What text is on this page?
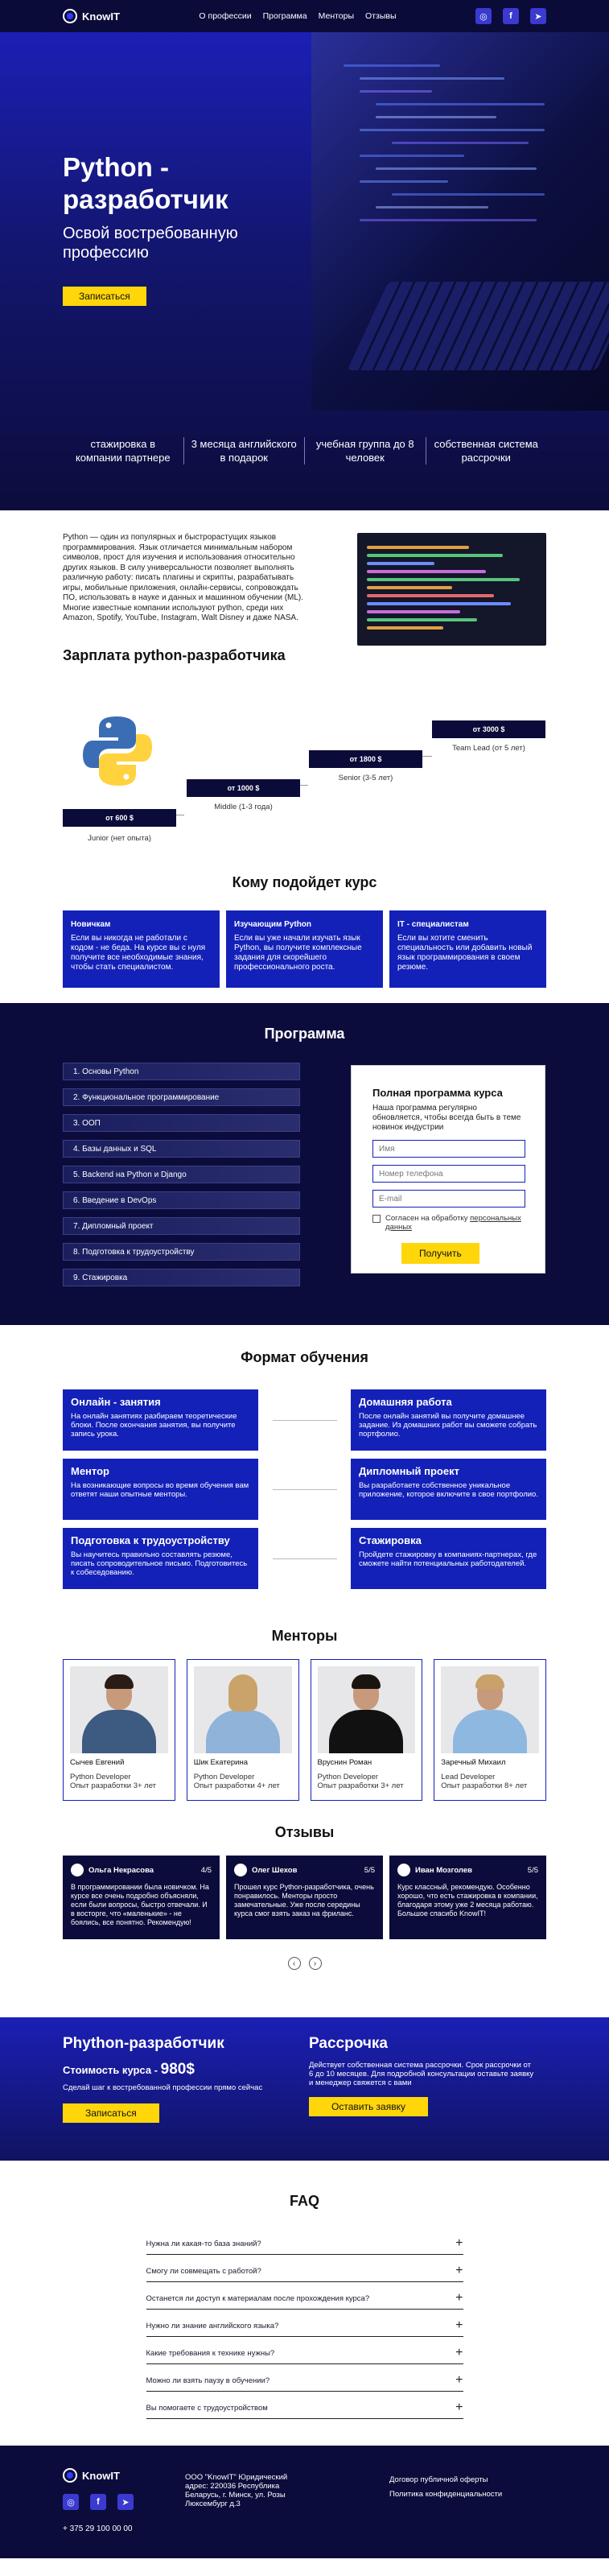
KnowIT	О профессии Программа Менторы Отзывы	◎	f	➤
Python - разработчик
Освой востребованную профессию
Записаться
стажировка в компании партнере
3 месяца английского в подарок
учебная группа до 8 человек
собственная система рассрочки

Python — один из популярных и быстрорастущих языков программирования. Язык отличается минимальным набором символов, прост для изучения и использования относительно других языков. В силу универсальности позволяет выполнять различную работу: писать плагины и скрипты, разрабатывать игры, мобильные приложения, онлайн-сервисы, сопровождать ПО, использовать в науке и данных и машинном обучении (ML). Многие известные компании используют python, среди них Amazon, Spotify, YouTube, Instagram, Walt Disney и даже NASA.

Зарплата python-разработчика
от 600 $
Junior (нет опыта)
от 1000 $
Middle (1-3 года)
от 1800 $
Senior (3-5 лет)
от 3000 $
Team Lead (от 5 лет)
Кому подойдет курс
Новичкам

Если вы никогда не работали с кодом - не беда. На курсе вы с нуля получите все необходимые знания, чтобы стать специалистом.

Изучающим Python

Если вы уже начали изучать язык Python, вы получите комплексные задания для скорейшего профессионального роста.

IT - специалистам

Если вы хотите сменить специальность или добавить новый язык программирования в своем резюме.

Программа
1. Основы Python
2. Функциональное программирование
3. ООП
4. Базы данных и SQL
5. Backend на Python и Django
6. Введение в DevOps
7. Дипломный проект
8. Подготовка к трудоустройству
9. Стажировка
Полная программа курса

Наша программа регулярно обновляется, чтобы всегда быть в теме новинок индустрии

Имя
Номер телефона
E-mail
Согласен на обработку персональных данных
Получить
Формат обучения
Онлайн - занятия

На онлайн занятиях разбираем теоретические блоки. После окончания занятия, вы получите запись урока.

Домашняя работа

После онлайн занятий вы получите домашнее задание. Из домашних работ вы сможете собрать портфолио.

Ментор

На возникающие вопросы во время обучения вам ответят наши опытные менторы.

Дипломный проект

Вы разработаете собственное уникальное приложение, которое включите в свое портфолио.

Подготовка к трудоустройству

Вы научитесь правильно составлять резюме, писать сопроводительное письмо. Подготовитесь к собеседованию.

Стажировка

Пройдете стажировку в компаниях-партнерах, где сможете найти потенциальных работодателей.

Менторы
Сычев Евгений
Python Developer
Опыт разработки 3+ лет
Шик Екатерина
Python Developer
Опыт разработки 4+ лет
Вруснин Роман
Python Developer
Опыт разработки 3+ лет
Заречный Михаил
Lead Developer
Опыт разработки 8+ лет
Отзывы
Ольга Некрасова	4/5

В программировании была новичком. На курсе все очень подробно объясняли, если были вопросы, быстро отвечали. И в восторге, что «маленькие» - не боялись, все понятно. Рекомендую!

Олег Шехов	5/5

Прошел курс Python-разработчика, очень понравилось. Менторы просто замечательные. Уже после середины курса смог взять заказ на фриланс.

Иван Мозголев	5/5

Курс классный, рекомендую. Особенно хорошо, что есть стажировка в компании, благодаря этому уже 2 месяца работаю. Большое спасибо KnowIT!

‹	›
Phython-разработчик
Стоимость курса - 980$
Сделай шаг к востребованной профессии прямо сейчас
Записаться
Рассрочка
Действует собственная система рассрочки. Срок рассрочки от 6 до 10 месяцев. Для подробной консультации оставьте заявку и менеджер свяжется с вами
Оставить заявку
FAQ
Нужна ли какая-то база знаний?	+
Смогу ли совмещать с работой?	+
Останется ли доступ к материалам после прохождения курса?	+
Нужно ли знание английского языка?	+
Какие требования к технике нужны?	+
Можно ли взять паузу в обучении?	+
Вы помогаете с трудоустройством	+
KnowIT
◎	f	➤
+ 375 29 100 00 00
ООО "KnowIT" Юридический адрес: 220036 Республика Беларусь, г. Минск, ул. Розы Люксембург д.3
Договор публичной оферты
Политика конфиденциальности
